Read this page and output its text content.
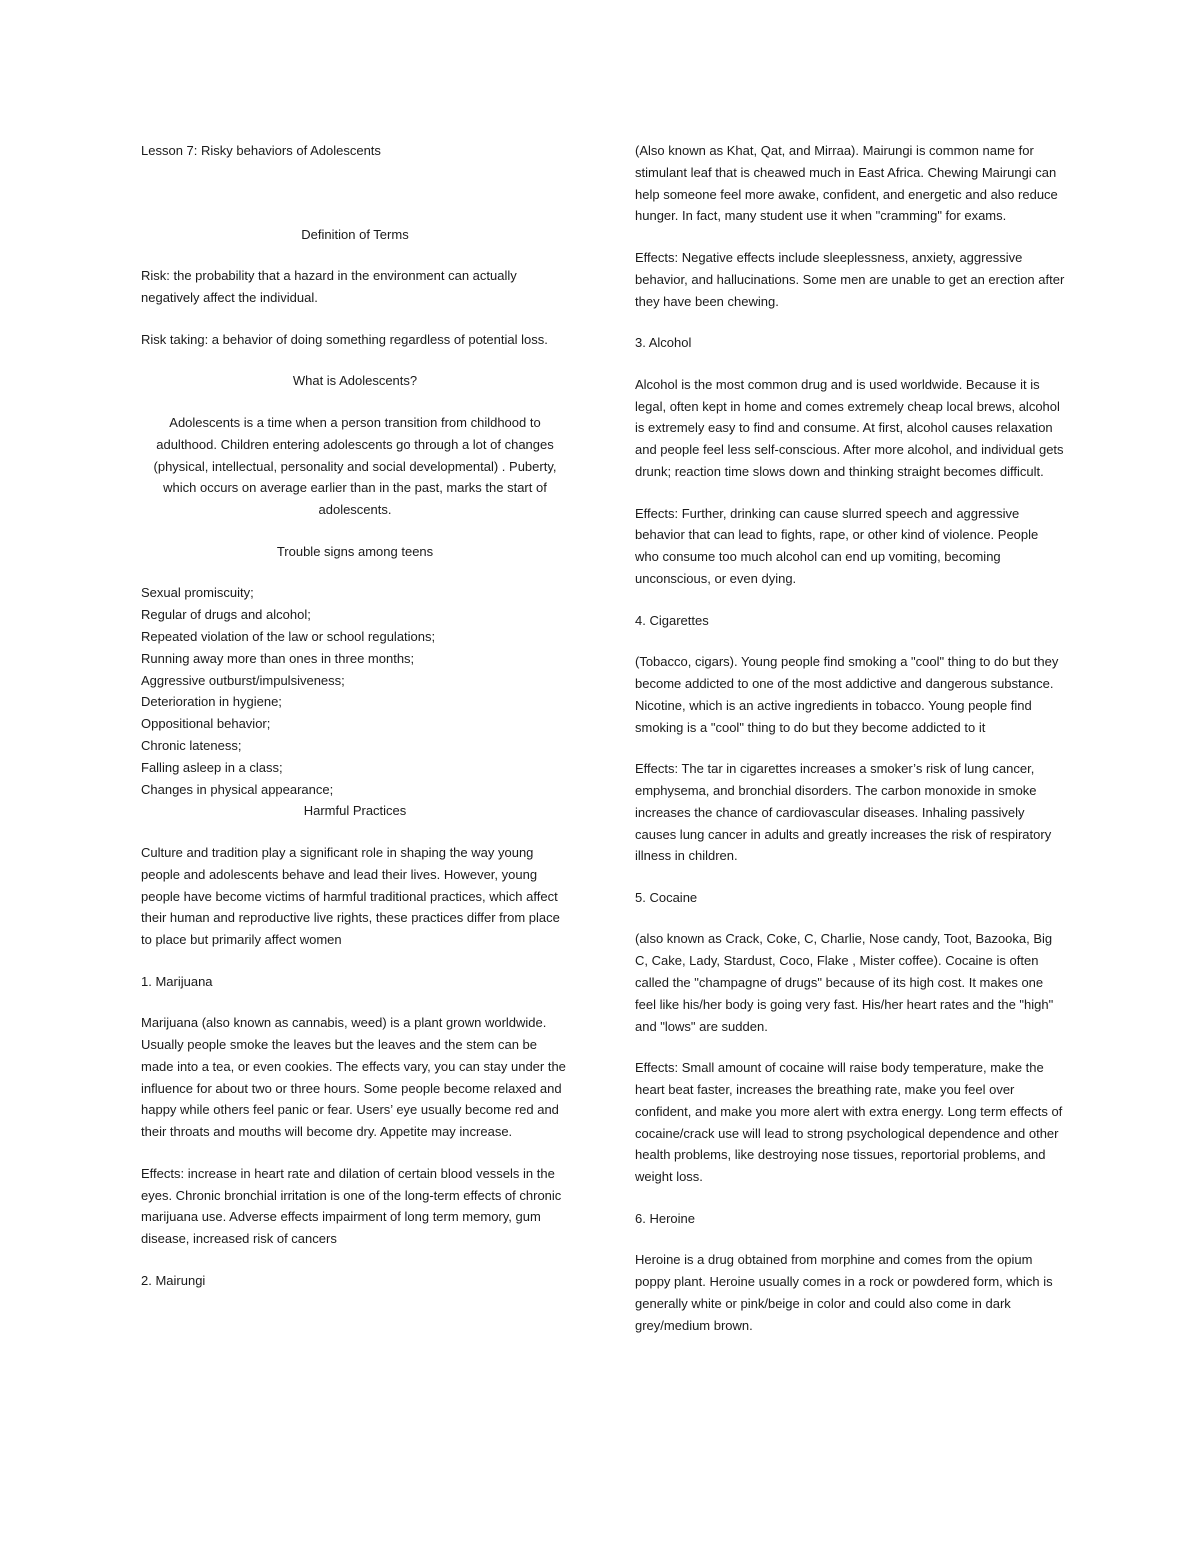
Lesson 7: Risky behaviors of Adolescents

Definition of Terms

Risk: the probability that a hazard in the environment can actually negatively affect the individual.

Risk taking: a behavior of doing something regardless of potential loss.

What is Adolescents?

Adolescents is a time when a person transition from childhood to adulthood. Children entering adolescents go through a lot of changes (physical, intellectual, personality and social developmental) . Puberty, which occurs on average earlier than in the past, marks the start of adolescents.

Trouble signs among teens

Sexual promiscuity;

Regular of drugs and alcohol;

Repeated violation of the law or school regulations;

Running away more than ones in three months;

Aggressive outburst/impulsiveness;

Deterioration in hygiene;

Oppositional behavior;

Chronic lateness;

Falling asleep in a class;

Changes in physical appearance;

Harmful Practices

Culture and tradition play a significant role in shaping the way young people and adolescents behave and lead their lives. However, young people have become victims of harmful traditional practices, which affect their human and reproductive live rights, these practices differ from place to place but primarily affect women

1. Marijuana

Marijuana (also known as cannabis, weed) is a plant grown worldwide. Usually people smoke the leaves but the leaves and the stem can be made into a tea, or even cookies. The effects vary, you can stay under the influence for about two or three hours. Some people become relaxed and happy while others feel panic or fear. Users’ eye usually become red and their throats and mouths will become dry. Appetite may increase.

Effects: increase in heart rate and dilation of certain blood vessels in the eyes. Chronic bronchial irritation is one of the long-term effects of chronic marijuana use. Adverse effects impairment of long term memory, gum disease, increased risk of cancers

2. Mairungi

(Also known as Khat, Qat, and Mirraa). Mairungi is common name for stimulant leaf that is cheawed much in East Africa. Chewing Mairungi can help someone feel more awake, confident, and energetic and also reduce hunger. In fact, many student use it when "cramming" for exams.

Effects: Negative effects include sleeplessness, anxiety, aggressive behavior, and hallucinations. Some men are unable to get an erection after they have been chewing.

3. Alcohol

Alcohol is the most common drug and is used worldwide. Because it is legal, often kept in home and comes extremely cheap local brews, alcohol is extremely easy to find and consume. At first, alcohol causes relaxation and people feel less self-conscious. After more alcohol, and individual gets drunk; reaction time slows down and thinking straight becomes difficult.

Effects: Further, drinking can cause slurred speech and aggressive behavior that can lead to fights, rape, or other kind of violence. People who consume too much alcohol can end up vomiting, becoming unconscious, or even dying.

4. Cigarettes

(Tobacco, cigars). Young people find smoking a "cool" thing to do but they become addicted to one of the most addictive and dangerous substance. Nicotine, which is an active ingredients in tobacco. Young people find smoking is a "cool" thing to do but they become addicted to it

Effects: The tar in cigarettes increases a smoker’s risk of lung cancer, emphysema, and bronchial disorders. The carbon monoxide in smoke increases the chance of cardiovascular diseases. Inhaling passively causes lung cancer in adults and greatly increases the risk of respiratory illness in children.

5. Cocaine

(also known as Crack, Coke, C, Charlie, Nose candy, Toot, Bazooka, Big C, Cake, Lady, Stardust, Coco, Flake , Mister coffee). Cocaine is often called the "champagne of drugs" because of its high cost. It makes one feel like his/her body is going very fast. His/her heart rates and the "high" and "lows" are sudden.

Effects: Small amount of cocaine will raise body temperature, make the heart beat faster, increases the breathing rate, make you feel over confident, and make you more alert with extra energy. Long term effects of cocaine/crack use will lead to strong psychological dependence and other health problems, like destroying nose tissues, reportorial problems, and weight loss.

6. Heroine

Heroine is a drug obtained from morphine and comes from the opium poppy plant. Heroine usually comes in a rock or powdered form, which is generally white or pink/beige in color and could also come in dark grey/medium brown.
